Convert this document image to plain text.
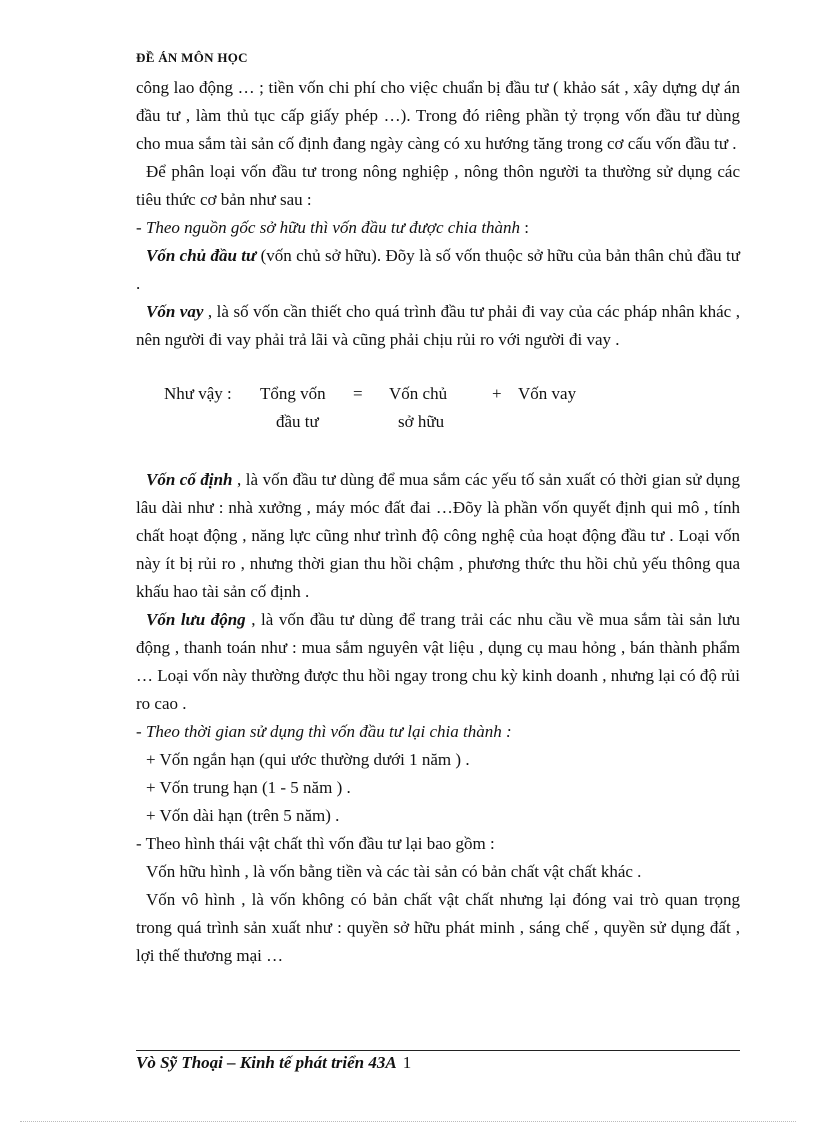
ĐỀ ÁN MÔN HỌC

công lao động … ; tiền vốn chi phí cho việc chuẩn bị đầu tư ( khảo sát , xây dựng dự án đầu tư , làm thủ tục cấp giấy phép …). Trong đó riêng phần tỷ trọng vốn đầu tư dùng cho mua sắm tài sản cố định đang ngày càng có xu hướng tăng trong cơ cấu vốn đầu tư .

Để phân loại vốn đầu tư trong nông nghiệp , nông thôn người ta thường sử dụng các tiêu thức cơ bản như sau :

- Theo nguồn gốc sở hữu thì vốn đầu tư được chia thành :

Vốn chủ đầu tư (vốn chủ sở hữu). Đõy là số vốn thuộc sở hữu của bản thân chủ đầu tư .

Vốn vay , là số vốn cần thiết cho quá trình đầu tư phải đi vay của các pháp nhân khác , nên người đi vay phải trả lãi và cũng phải chịu rủi ro với người đi vay .

Như vậy : Tổng vốn
đầu tư
= Vốn chủ
sở hữu
+ Vốn vay

Vốn cố định , là vốn đầu tư dùng để mua sắm các yếu tố sản xuất có thời gian sử dụng lâu dài như : nhà xưởng , máy móc đất đai …Đõy là phần vốn quyết định qui mô , tính chất hoạt động , năng lực cũng như trình độ công nghệ của hoạt động đầu tư . Loại vốn này ít bị rủi ro , nhưng thời gian thu hồi chậm , phương thức thu hồi chủ yếu thông qua khấu hao tài sản cố định .

Vốn lưu động , là vốn đầu tư dùng để trang trải các nhu cầu về mua sắm tài sản lưu động , thanh toán như : mua sắm nguyên vật liệu , dụng cụ mau hỏng , bán thành phẩm … Loại vốn này thường được thu hồi ngay trong chu kỳ kinh doanh , nhưng lại có độ rủi ro cao .

- Theo thời gian sử dụng thì vốn đầu tư lại chia thành :

+ Vốn ngắn hạn (qui ước thường dưới 1 năm ) .

+ Vốn trung hạn (1 - 5 năm ) .

+ Vốn dài hạn (trên 5 năm) .

- Theo hình thái vật chất thì vốn đầu tư lại bao gồm :

Vốn hữu hình , là vốn bằng tiền và các tài sản có bản chất vật chất khác .

Vốn vô hình , là vốn không có bản chất vật chất nhưng lại đóng vai trò quan trọng trong quá trình sản xuất như : quyền sở hữu phát minh , sáng chế , quyền sử dụng đất , lợi thế thương mại …

Vò Sỹ Thoại – Kinh tế phát triển 43A 1
